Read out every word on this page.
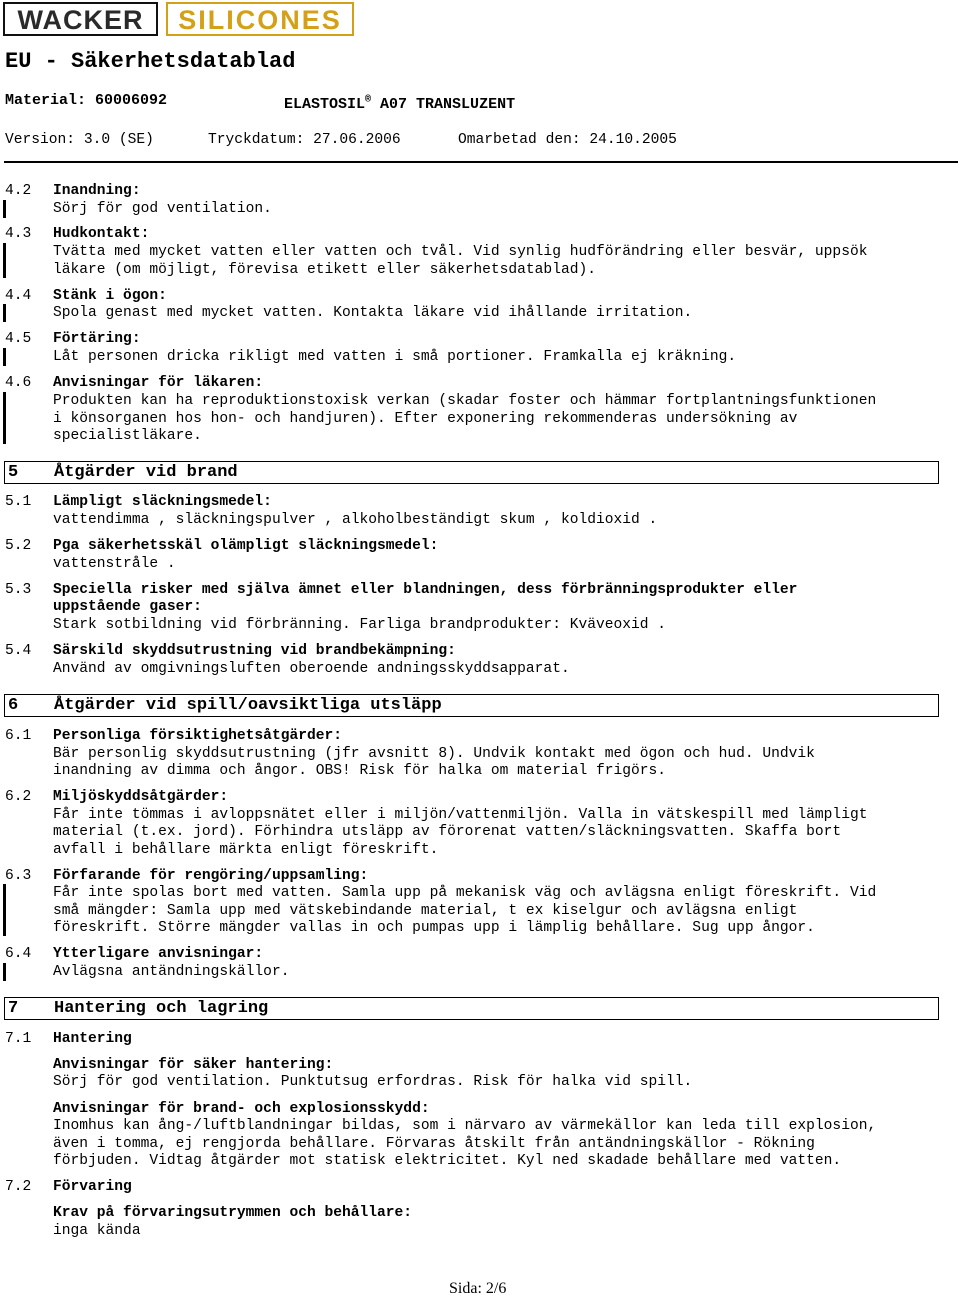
WACKER	SILICONES
EU - Säkerhetsdatablad
Material: 60006092	ELASTOSIL® A07 TRANSLUZENT
Version: 3.0 (SE)	Tryckdatum: 27.06.2006	Omarbetad den: 24.10.2005
4.2 Inandning:
Sörj för god ventilation.
4.3 Hudkontakt:
Tvätta med mycket vatten eller vatten och tvål. Vid synlig hudförändring eller besvär, uppsök
läkare (om möjligt, förevisa etikett eller säkerhetsdatablad).
4.4 Stänk i ögon:
Spola genast med mycket vatten. Kontakta läkare vid ihållande irritation.
4.5 Förtäring:
Låt personen dricka rikligt med vatten i små portioner. Framkalla ej kräkning.
4.6 Anvisningar för läkaren:
Produkten kan ha reproduktionstoxisk verkan (skadar foster och hämmar fortplantningsfunktionen
i könsorganen hos hon- och handjuren). Efter exponering rekommenderas undersökning av
specialistläkare.
5 Åtgärder vid brand
5.1 Lämpligt släckningsmedel:
vattendimma , släckningspulver , alkoholbeständigt skum , koldioxid .
5.2 Pga säkerhetsskäl olämpligt släckningsmedel:
vattenstråle .
5.3 Speciella risker med själva ämnet eller blandningen, dess förbränningsprodukter eller
uppstående gaser:
Stark sotbildning vid förbränning. Farliga brandprodukter: Kväveoxid .
5.4 Särskild skyddsutrustning vid brandbekämpning:
Använd av omgivningsluften oberoende andningsskyddsapparat.
6 Åtgärder vid spill/oavsiktliga utsläpp
6.1 Personliga försiktighetsåtgärder:
Bär personlig skyddsutrustning (jfr avsnitt 8). Undvik kontakt med ögon och hud. Undvik
inandning av dimma och ångor. OBS! Risk för halka om material frigörs.
6.2 Miljöskyddsåtgärder:
Får inte tömmas i avloppsnätet eller i miljön/vattenmiljön. Valla in vätskespill med lämpligt
material (t.ex. jord). Förhindra utsläpp av förorenat vatten/släckningsvatten. Skaffa bort
avfall i behållare märkta enligt föreskrift.
6.3 Förfarande för rengöring/uppsamling:
Får inte spolas bort med vatten. Samla upp på mekanisk väg och avlägsna enligt föreskrift. Vid
små mängder: Samla upp med vätskebindande material, t ex kiselgur och avlägsna enligt
föreskrift. Större mängder vallas in och pumpas upp i lämplig behållare. Sug upp ångor.
6.4 Ytterligare anvisningar:
Avlägsna antändningskällor.
7 Hantering och lagring
7.1 Hantering
Anvisningar för säker hantering:
Sörj för god ventilation. Punktutsug erfordras. Risk för halka vid spill.
Anvisningar för brand- och explosionsskydd:
Inomhus kan ång-/luftblandningar bildas, som i närvaro av värmekällor kan leda till explosion,
även i tomma, ej rengjorda behållare. Förvaras åtskilt från antändningskällor - Rökning
förbjuden. Vidtag åtgärder mot statisk elektricitet. Kyl ned skadade behållare med vatten.
7.2 Förvaring
Krav på förvaringsutrymmen och behållare:
inga kända
Sida: 2/6
